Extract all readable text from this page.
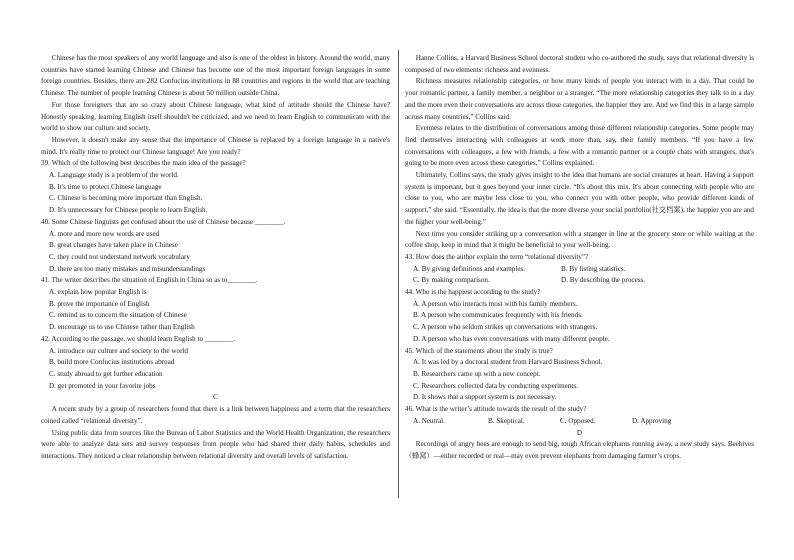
Chinese has the most speakers of any world language and also is one of the oldest in history. Around the world, many countries have started learning Chinese and Chinese has become one of the most important foreign languages in some foreign countries. Besides, there are 282 Confucius institutions in 88 countries and regions in the world that are teaching Chinese. The number of people learning Chinese is about 50 million outside China.

For those foreigners that are so crazy about Chinese language, what kind of attitude should the Chinese have? Honestly speaking, learning English itself shouldn't be criticized, and we need to learn English to communicate with the world to show our culture and society.

However, it doesn't make any sense that the importance of Chinese is replaced by a foreign language in a native's mind. It's really time to protect our Chinese language! Are you ready?

39. Which of the following best describes the main idea of the passage?

A. Language study is a problem of the world.

B. It's time to protect Chinese language

C. Chinese is becoming more important than English.

D. It's unnecessary for Chinese people to learn English.

40. Some Chinese linguists get confused about the use of Chinese because ________.

A. more and more new words are used

B. great changes have taken place in Chinese

C. they could not understand network vocabulary

D. there are too many mistakes and misunderstandings

41. The writer describes the situation of English in China so as to________.

A. explain how popular English is

B. prove the importance of English

C. remind us to concern the situation of Chinese

D. encourage us to use Chinese rather than English

42. According to the passage, we should learn English to ________.

A. introduce our culture and society to the world

B. build more Confucius institutions abroad

C. study abroad to get further education

D. get promoted in your favorite jobs

C

A recent study by a group of researchers found that there is a link between happiness and a term that the researchers coined called “relational diversity”.

Using public data from sources like the Bureau of Labor Statistics and the World Health Organization, the researchers were able to analyze data sets and survey responses from people who had shared their daily habits, schedules and interactions. They noticed a clear relationship between relational diversity and overall levels of satisfaction.

Hanne Collins, a Harvard Business School doctoral student who co-authored the study, says that relational diversity is composed of two elements: richness and evenness.

Richness measures relationship categories, or how many kinds of people you interact with in a day. That could be your romantic partner, a family member, a neighbor or a stranger. “The more relationship categories they talk to in a day and the more even their conversations are across those categories, the happier they are. And we find this in a large sample across many countries,” Collins said.

Evenness relates to the distribution of conversations among those different relationship categories. Some people may find themselves interacting with colleagues at work more than, say, their family members. “If you have a few conversations with colleagues, a few with friends, a few with a romantic partner or a couple chats with strangers, that's going to be more even across these categories,” Collins explained.

Ultimately, Collins says, the study gives insight to the idea that humans are social creatures at heart. Having a support system is important, but it goes beyond your inner circle. “It's about this mix. It's about connecting with people who are close to you, who are maybe less close to you, who connect you with other people, who provide different kinds of support,” she said. “Essentially, the idea is that the more diverse your social portfolio(社交档案), the happier you are and the higher your well-being.”

Next time you consider striking up a conversation with a stranger in line at the grocery store or while waiting at the coffee shop, keep in mind that it might be beneficial to your well-being.

43. How does the author explain the term “relational diversity”?

A. By giving definitions and examples.	B. By listing statistics.
C. By making comparison.	D. By describing the process.

44. Who is the happiest according to the study?

A. A person who interacts most with his family members.

B. A person who communicates frequently with his friends.

C. A person who seldom strikes up conversations with strangers.

D. A person who has even conversations with many different people.

45. Which of the statements about the study is true?

A. It was led by a doctoral student from Harvard Business School.

B. Researchers came up with a new concept.

C. Researchers collected data by conducting experiments.

D. It shows that a support system is not necessary.

46. What is the writer’s attitude towards the result of the study?

A. Neutral.	B. Skeptical.	C. Opposed.	D. Approving

D

Recordings of angry bees are enough to send big, tough African elephants running away, a new study says. Beehives（蜂窝）—either recorded or real—may even prevent elephants from damaging farmer’s crops.
